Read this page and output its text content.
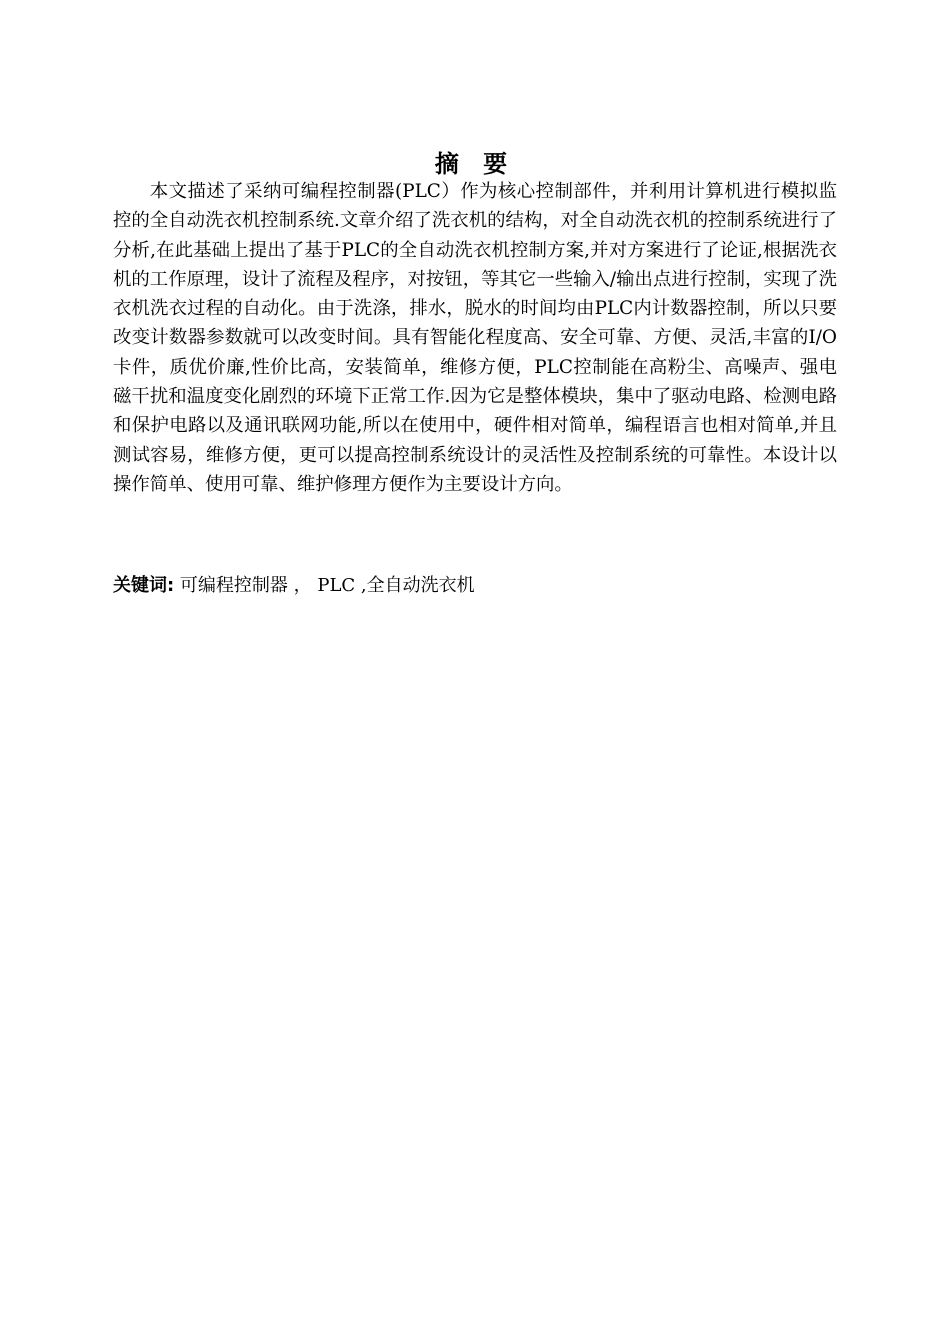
摘 要
本文描述了采纳可编程控制器(PLC）作为核心控制部件，并利用计算机进行模拟监控的全自动洗衣机控制系统.文章介绍了洗衣机的结构，对全自动洗衣机的控制系统进行了分析,在此基础上提出了基于PLC的全自动洗衣机控制方案,并对方案进行了论证,根据洗衣机的工作原理，设计了流程及程序，对按钮，等其它一些输入/输出点进行控制，实现了洗衣机洗衣过程的自动化。由于洗涤，排水，脱水的时间均由PLC内计数器控制，所以只要改变计数器参数就可以改变时间。具有智能化程度高、安全可靠、方便、灵活,丰富的I/O卡件，质优价廉,性价比高，安装简单，维修方便，PLC控制能在高粉尘、高噪声、强电磁干扰和温度变化剧烈的环境下正常工作.因为它是整体模块，集中了驱动电路、检测电路和保护电路以及通讯联网功能,所以在使用中，硬件相对简单，编程语言也相对简单,并且测试容易，维修方便，更可以提高控制系统设计的灵活性及控制系统的可靠性。本设计以操作简单、使用可靠、维护修理方便作为主要设计方向。
关键词: 可编程控制器 ， PLC ,全自动洗衣机
